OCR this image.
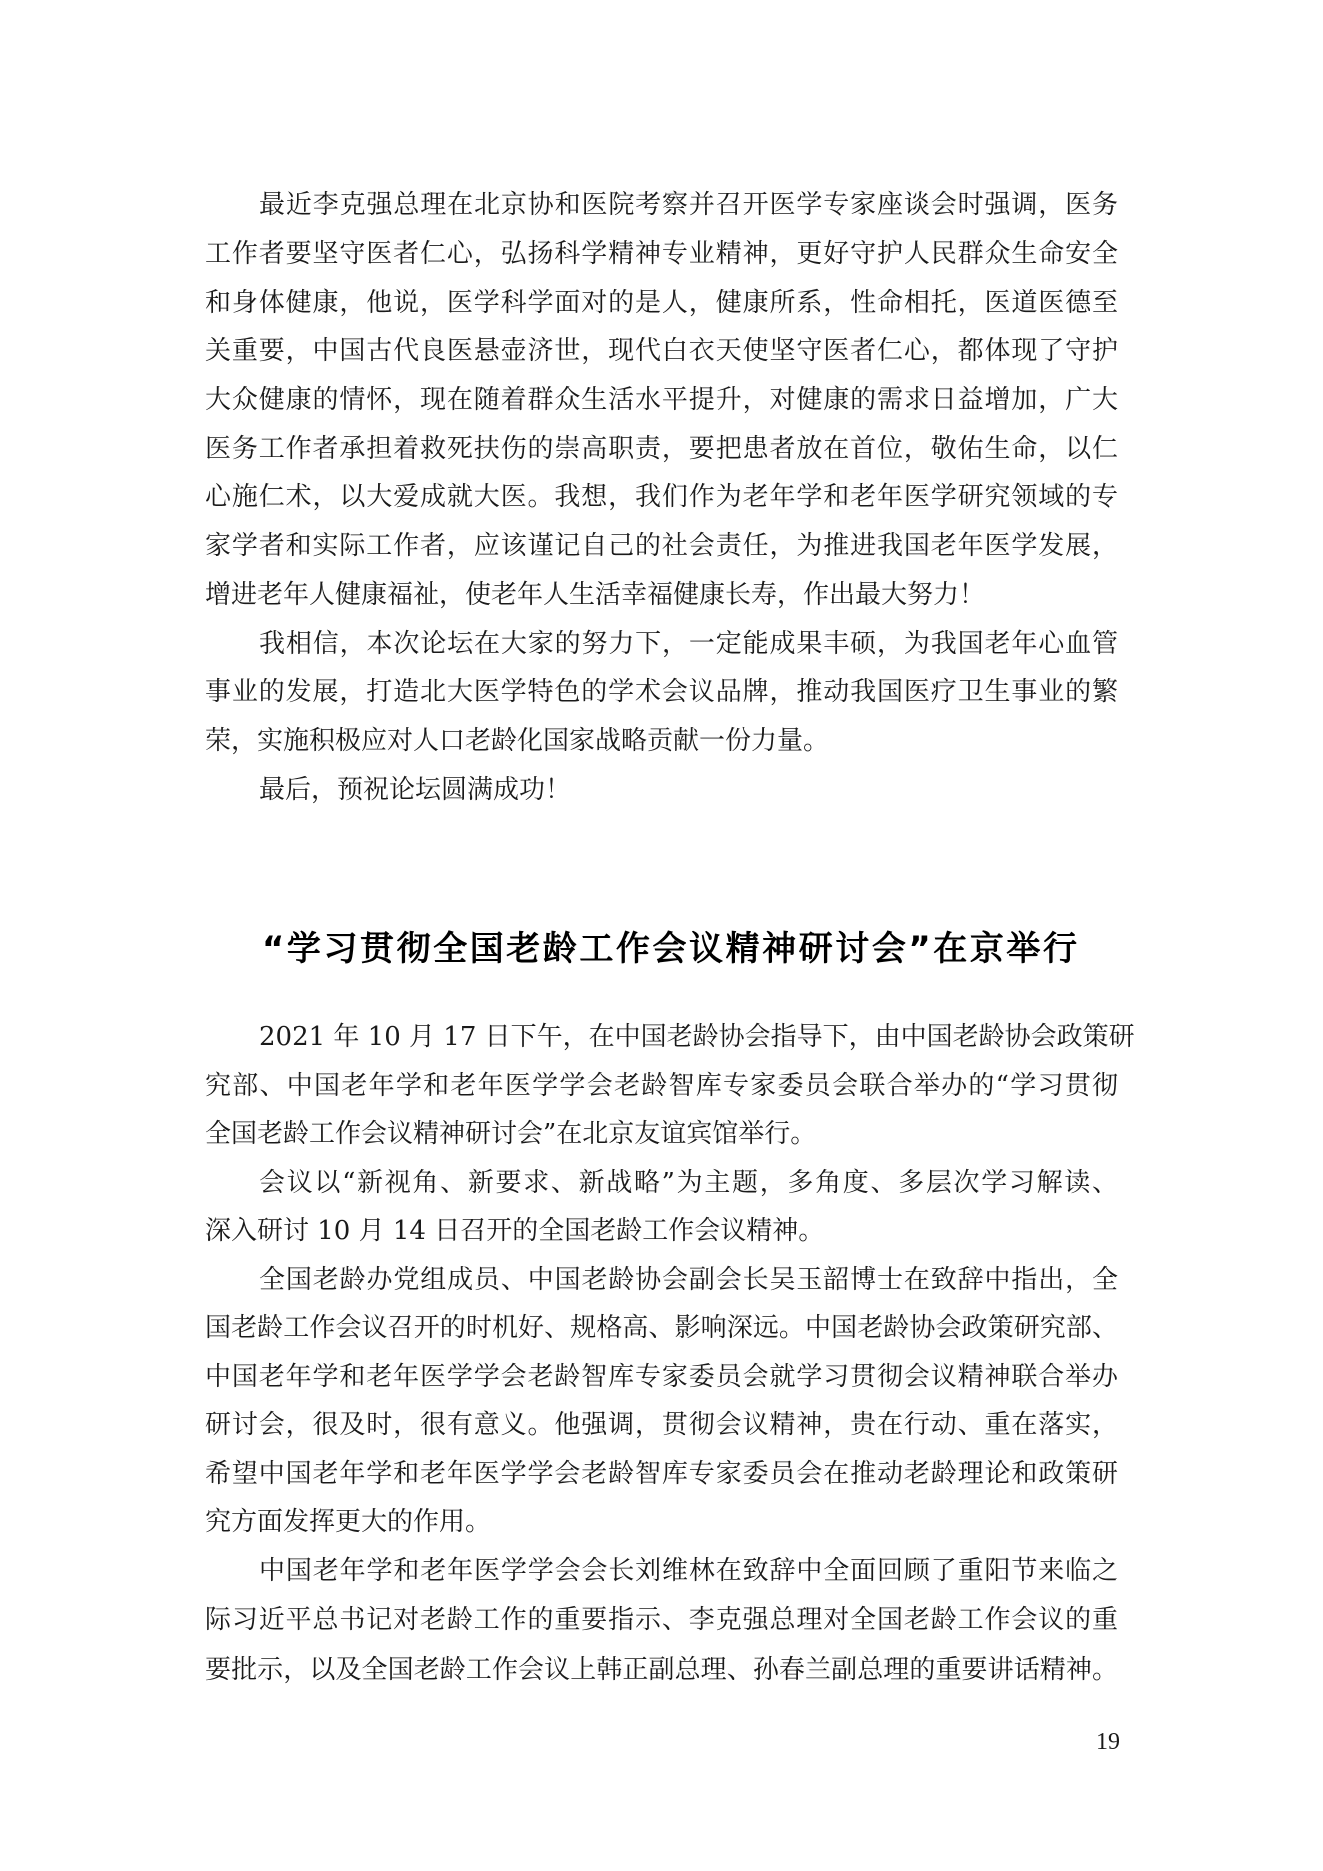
最近李克强总理在北京协和医院考察并召开医学专家座谈会时强调，医务
工作者要坚守医者仁心，弘扬科学精神专业精神，更好守护人民群众生命安全
和身体健康，他说，医学科学面对的是人，健康所系，性命相托，医道医德至
关重要，中国古代良医悬壶济世，现代白衣天使坚守医者仁心，都体现了守护
大众健康的情怀，现在随着群众生活水平提升，对健康的需求日益增加，广大
医务工作者承担着救死扶伤的崇高职责，要把患者放在首位，敬佑生命，以仁
心施仁术，以大爱成就大医。我想，我们作为老年学和老年医学研究领域的专
家学者和实际工作者，应该谨记自己的社会责任，为推进我国老年医学发展，
增进老年人健康福祉，使老年人生活幸福健康长寿，作出最大努力！
我相信，本次论坛在大家的努力下，一定能成果丰硕，为我国老年心血管
事业的发展，打造北大医学特色的学术会议品牌，推动我国医疗卫生事业的繁
荣，实施积极应对人口老龄化国家战略贡献一份力量。
最后，预祝论坛圆满成功！
“学习贯彻全国老龄工作会议精神研讨会”在京举行
2021 年 10 月 17 日下午，在中国老龄协会指导下，由中国老龄协会政策研
究部、中国老年学和老年医学学会老龄智库专家委员会联合举办的“学习贯彻
全国老龄工作会议精神研讨会”在北京友谊宾馆举行。
会议以“新视角、新要求、新战略”为主题，多角度、多层次学习解读、
深入研讨 10 月 14 日召开的全国老龄工作会议精神。
全国老龄办党组成员、中国老龄协会副会长吴玉韶博士在致辞中指出，全
国老龄工作会议召开的时机好、规格高、影响深远。中国老龄协会政策研究部、
中国老年学和老年医学学会老龄智库专家委员会就学习贯彻会议精神联合举办
研讨会，很及时，很有意义。他强调，贯彻会议精神，贵在行动、重在落实，
希望中国老年学和老年医学学会老龄智库专家委员会在推动老龄理论和政策研
究方面发挥更大的作用。
中国老年学和老年医学学会会长刘维林在致辞中全面回顾了重阳节来临之
际习近平总书记对老龄工作的重要指示、李克强总理对全国老龄工作会议的重
要批示，以及全国老龄工作会议上韩正副总理、孙春兰副总理的重要讲话精神。
19
